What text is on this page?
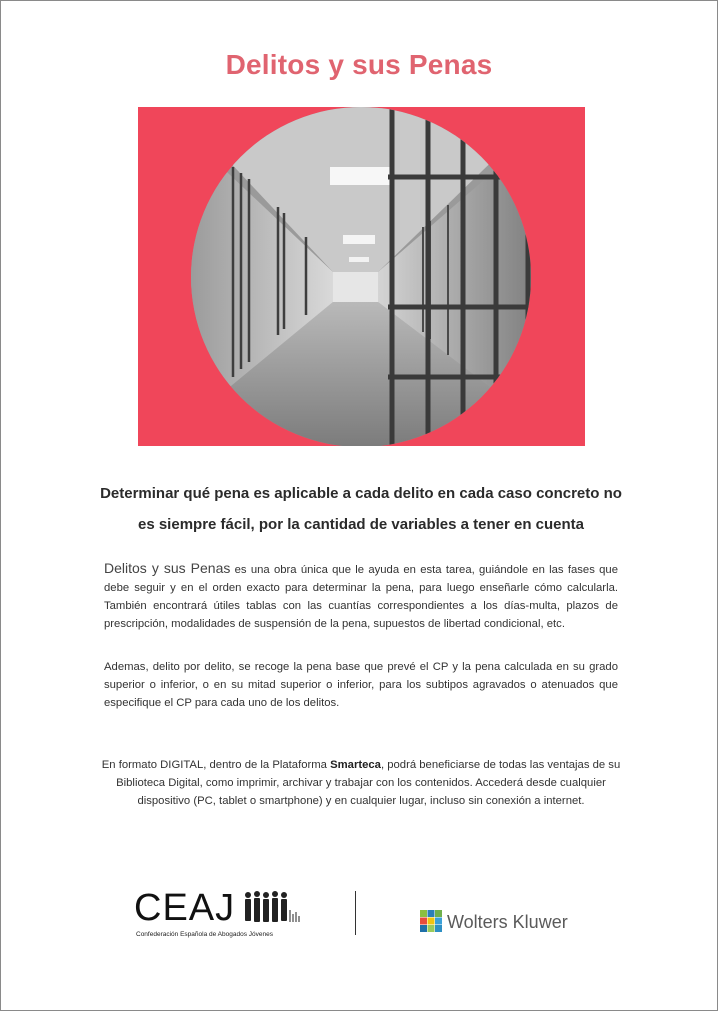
Delitos y sus Penas
Determinar qué pena es aplicable a cada delito en cada caso concreto no
es siempre fácil, por la cantidad de variables a tener en cuenta
Delitos y sus Penas es una obra única que le ayuda en esta tarea, guiándole en las fases que debe seguir y en el orden exacto para determinar la pena, para luego enseñarle cómo calcularla. También encontrará útiles tablas con las cuantías correspondientes a los días-multa, plazos de prescripción, modalidades de suspensión de la pena, supuestos de libertad condicional, etc.
Ademas, delito por delito, se recoge la pena base que prevé el CP y la pena calculada en su grado superior o inferior, o en su mitad superior o inferior, para los subtipos agravados o atenuados que especifique el CP para cada uno de los delitos.
En formato DIGITAL, dentro de la Plataforma Smarteca, podrá beneficiarse de todas las ventajas de su Biblioteca Digital, como imprimir, archivar y trabajar con los contenidos. Accederá desde cualquier dispositivo (PC, tablet o smartphone) y en cualquier lugar, incluso sin conexión a internet.
CEAJ
Confederación Española de Abogados Jóvenes
Wolters Kluwer
